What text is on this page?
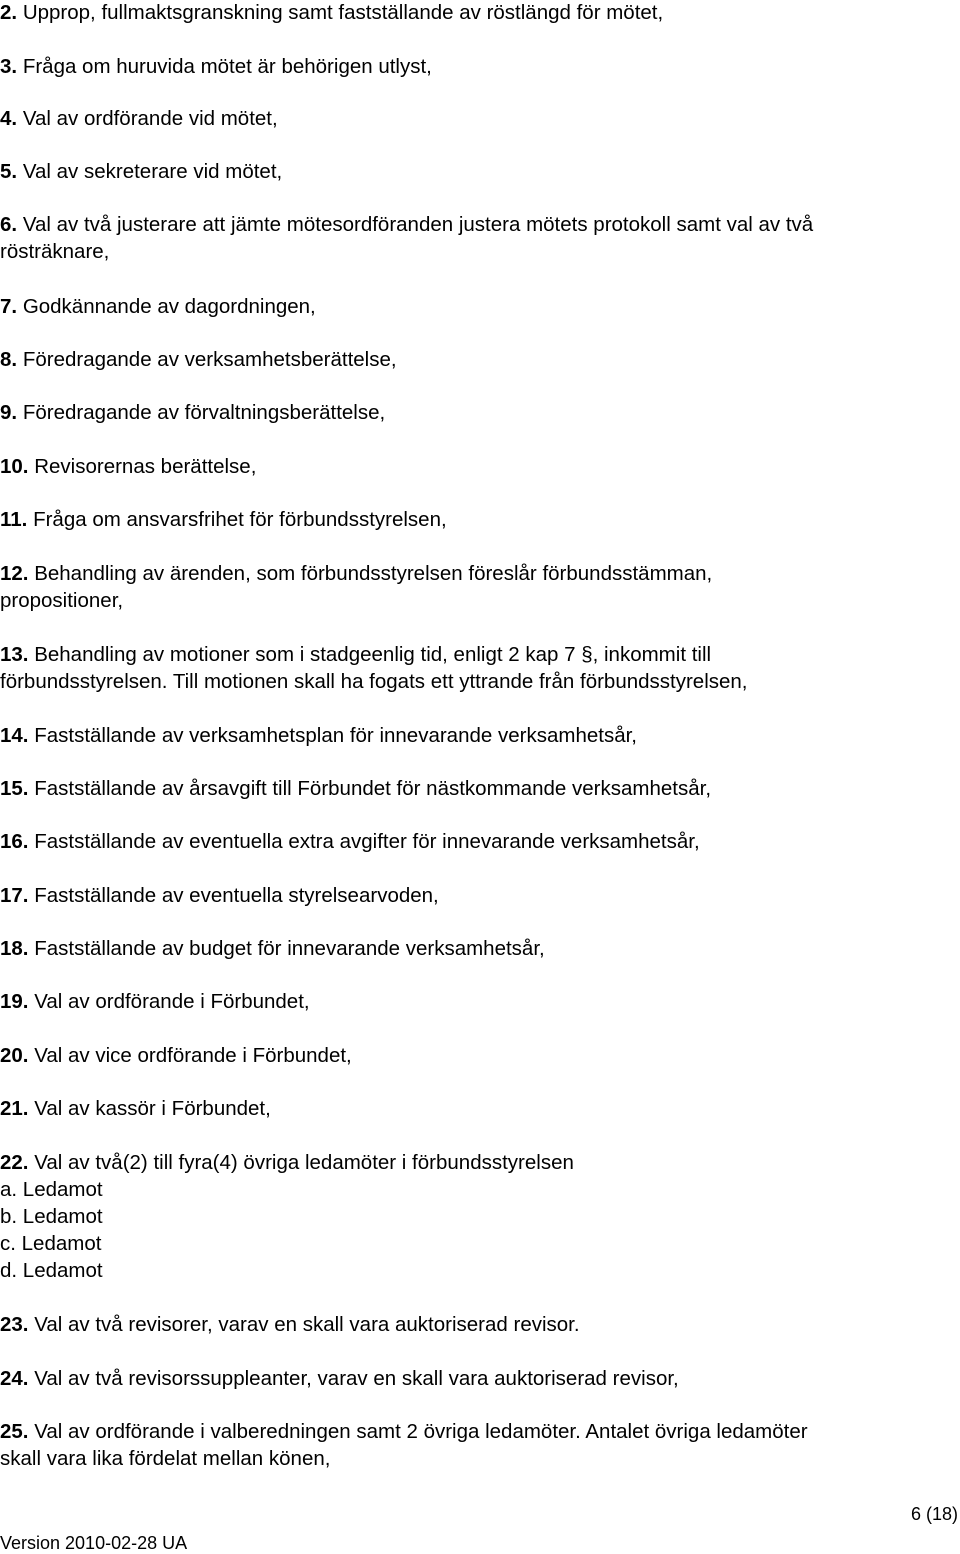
2. Upprop, fullmaktsgranskning samt fastställande av röstlängd för mötet,
3. Fråga om huruvida mötet är behörigen utlyst,
4. Val av ordförande vid mötet,
5. Val av sekreterare vid mötet,
6. Val av två justerare att jämte mötesordföranden justera mötets protokoll samt val av två
rösträknare,
7. Godkännande av dagordningen,
8. Föredragande av verksamhetsberättelse,
9. Föredragande av förvaltningsberättelse,
10. Revisorernas berättelse,
11. Fråga om ansvarsfrihet för förbundsstyrelsen,
12. Behandling av ärenden, som förbundsstyrelsen föreslår förbundsstämman,
propositioner,
13. Behandling av motioner som i stadgeenlig tid, enligt 2 kap 7 §, inkommit till
förbundsstyrelsen. Till motionen skall ha fogats ett yttrande från förbundsstyrelsen,
14. Fastställande av verksamhetsplan för innevarande verksamhetsår,
15. Fastställande av årsavgift till Förbundet för nästkommande verksamhetsår,
16. Fastställande av eventuella extra avgifter för innevarande verksamhetsår,
17. Fastställande av eventuella styrelsearvoden,
18. Fastställande av budget för innevarande verksamhetsår,
19. Val av ordförande i Förbundet,
20. Val av vice ordförande i Förbundet,
21. Val av kassör i Förbundet,
22. Val av två(2) till fyra(4) övriga ledamöter i förbundsstyrelsen
a. Ledamot
b. Ledamot
c. Ledamot
d. Ledamot
23. Val av två revisorer, varav en skall vara auktoriserad revisor.
24. Val av två revisorssuppleanter, varav en skall vara auktoriserad revisor,
25. Val av ordförande i valberedningen samt 2 övriga ledamöter. Antalet övriga ledamöter
skall vara lika fördelat mellan könen,
6 (18)
Version 2010-02-28 UA
